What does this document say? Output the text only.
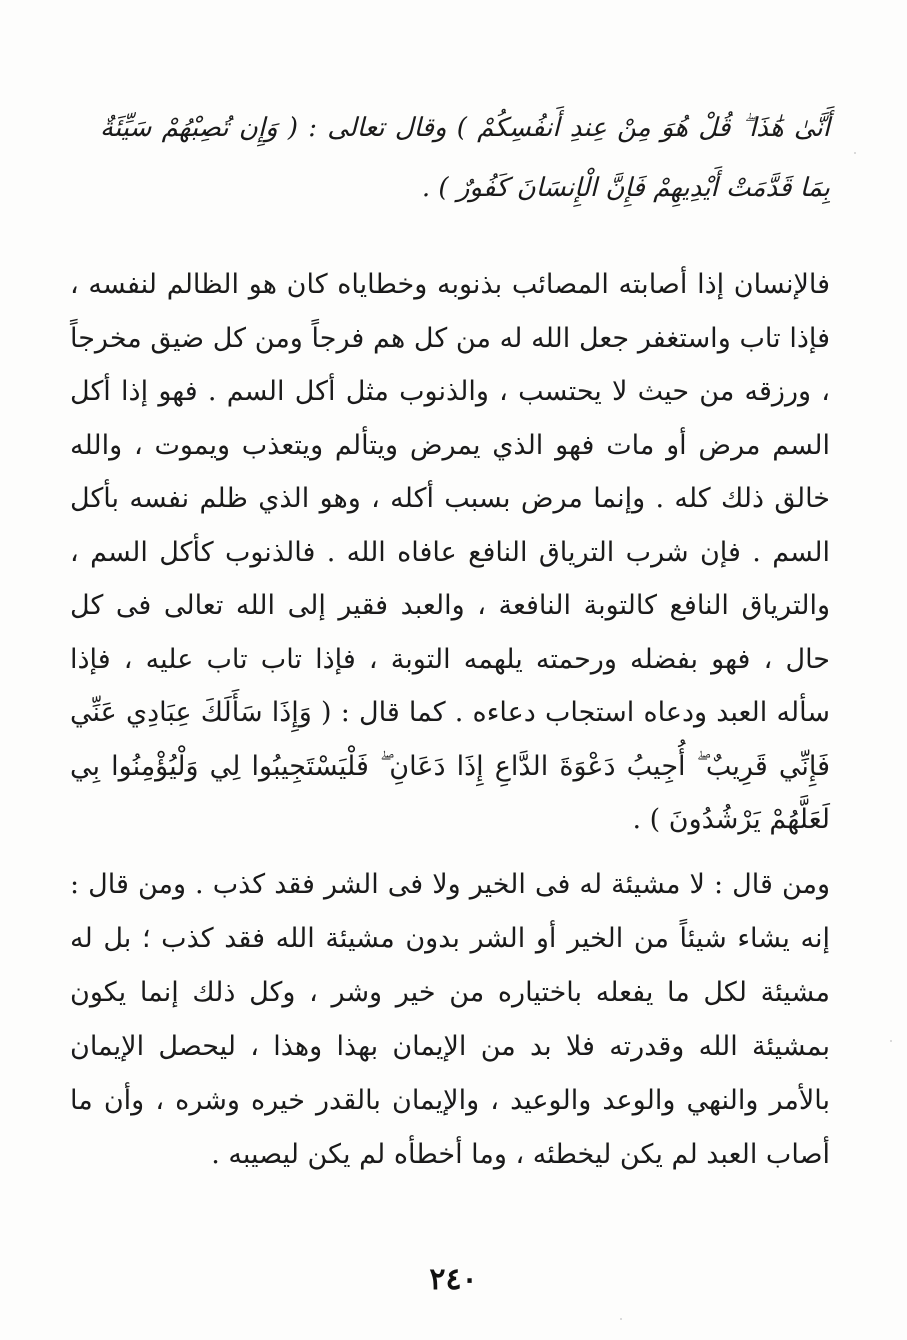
أَنَّىٰ هَٰذَا ۖ قُلْ هُوَ مِنْ عِندِ أَنفُسِكُمْ ) وقال تعالى : ( وَإِن تُصِبْهُمْ سَيِّئَةٌ بِمَا قَدَّمَتْ أَيْدِيهِمْ فَإِنَّ الْإِنسَانَ كَفُورٌ ) .
فالإنسان إذا أصابته المصائب بذنوبه وخطاياه كان هو الظالم لنفسه ، فإذا تاب واستغفر جعل الله له من كل هم فرجاً ومن كل ضيق مخرجاً ، ورزقه من حيث لا يحتسب ، والذنوب مثل أكل السم . فهو إذا أكل السم مرض أو مات فهو الذي يمرض ويتألم ويتعذب ويموت ، والله خالق ذلك كله . وإنما مرض بسبب أكله ، وهو الذي ظلم نفسه بأكل السم . فإن شرب الترياق النافع عافاه الله . فالذنوب كأكل السم ، والترياق النافع كالتوبة النافعة ، والعبد فقير إلى الله تعالى فى كل حال ، فهو بفضله ورحمته يلهمه التوبة ، فإذا تاب تاب عليه ، فإذا سأله العبد ودعاه استجاب دعاءه . كما قال : ( وَإِذَا سَأَلَكَ عِبَادِي عَنِّي فَإِنِّي قَرِيبٌ ۖ أُجِيبُ دَعْوَةَ الدَّاعِ إِذَا دَعَانِ ۖ فَلْيَسْتَجِيبُوا لِي وَلْيُؤْمِنُوا بِي لَعَلَّهُمْ يَرْشُدُونَ ) .
ومن قال : لا مشيئة له فى الخير ولا فى الشر فقد كذب . ومن قال : إنه يشاء شيئاً من الخير أو الشر بدون مشيئة الله فقد كذب ؛ بل له مشيئة لكل ما يفعله باختياره من خير وشر ، وكل ذلك إنما يكون بمشيئة الله وقدرته فلا بد من الإيمان بهذا وهذا ، ليحصل الإيمان بالأمر والنهي والوعد والوعيد ، والإيمان بالقدر خيره وشره ، وأن ما أصاب العبد لم يكن ليخطئه ، وما أخطأه لم يكن ليصيبه .
٢٤٠
